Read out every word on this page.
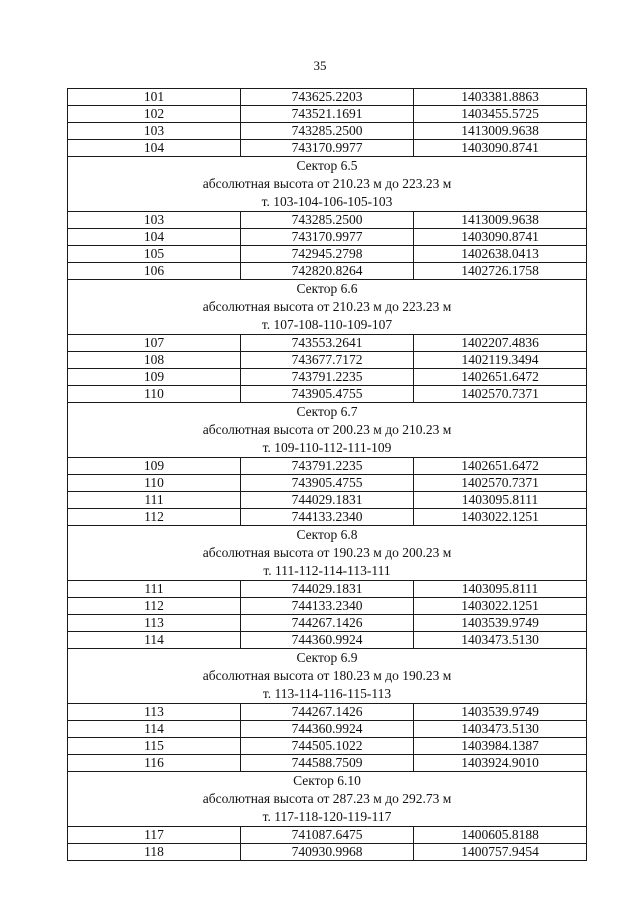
35
101	743625.2203	1403381.8863
102	743521.1691	1403455.5725
103	743285.2500	1413009.9638
104	743170.9977	1403090.8741
Сектор 6.5		
абсолютная высота от 210.23 м до 223.23 м		
т. 103-104-106-105-103		
103	743285.2500	1413009.9638
104	743170.9977	1403090.8741
105	742945.2798	1402638.0413
106	742820.8264	1402726.1758
Сектор 6.6		
абсолютная высота от 210.23 м до 223.23 м		
т. 107-108-110-109-107		
107	743553.2641	1402207.4836
108	743677.7172	1402119.3494
109	743791.2235	1402651.6472
110	743905.4755	1402570.7371
Сектор 6.7		
абсолютная высота от 200.23 м до 210.23 м		
т. 109-110-112-111-109		
109	743791.2235	1402651.6472
110	743905.4755	1402570.7371
111	744029.1831	1403095.8111
112	744133.2340	1403022.1251
Сектор 6.8		
абсолютная высота от 190.23 м до 200.23 м		
т. 111-112-114-113-111		
111	744029.1831	1403095.8111
112	744133.2340	1403022.1251
113	744267.1426	1403539.9749
114	744360.9924	1403473.5130
Сектор 6.9		
абсолютная высота от 180.23 м до 190.23 м		
т. 113-114-116-115-113		
113	744267.1426	1403539.9749
114	744360.9924	1403473.5130
115	744505.1022	1403984.1387
116	744588.7509	1403924.9010
Сектор 6.10		
абсолютная высота от 287.23 м до 292.73 м		
т. 117-118-120-119-117		
117	741087.6475	1400605.8188
118	740930.9968	1400757.9454
